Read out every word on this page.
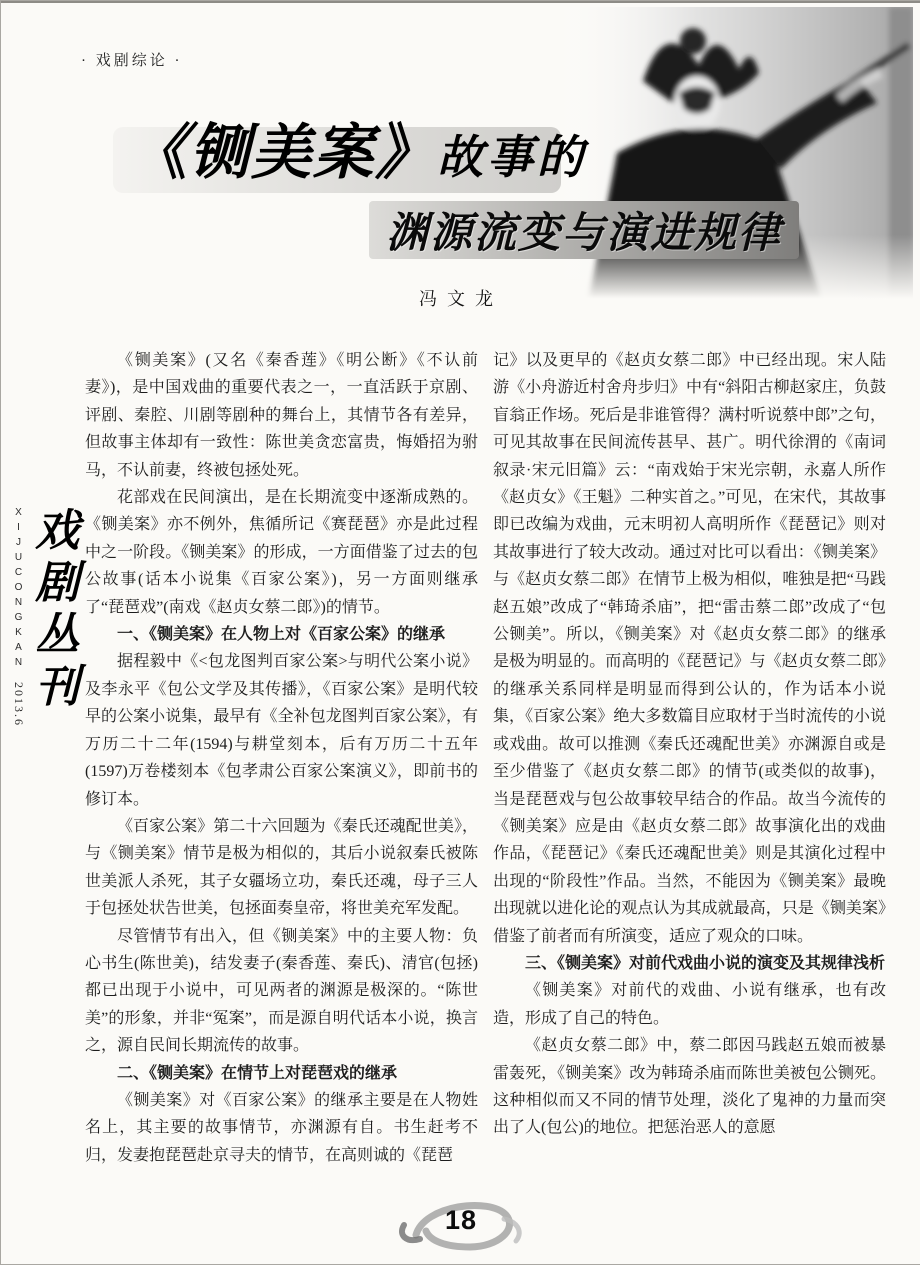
· 戏剧综论 ·
《铡美案》故事的
渊源流变与演进规律
冯文龙
XIJUCONGKAN
2013.6 戏剧丛刊

《铡美案》(又名《秦香莲》《明公断》《不认前妻》)，是中国戏曲的重要代表之一，一直活跃于京剧、评剧、秦腔、川剧等剧种的舞台上，其情节各有差异，但故事主体却有一致性：陈世美贪恋富贵，悔婚招为驸马，不认前妻，终被包拯处死。

花部戏在民间演出，是在长期流变中逐渐成熟的。《铡美案》亦不例外，焦循所记《赛琵琶》亦是此过程中之一阶段。《铡美案》的形成，一方面借鉴了过去的包公故事(话本小说集《百家公案》)，另一方面则继承了“琵琶戏”(南戏《赵贞女蔡二郎》)的情节。

一、《铡美案》在人物上对《百家公案》的继承

据程毅中《<包龙图判百家公案>与明代公案小说》及李永平《包公文学及其传播》，《百家公案》是明代较早的公案小说集，最早有《全补包龙图判百家公案》，有万历二十二年(1594)与耕堂刻本，后有万历二十五年(1597)万卷楼刻本《包孝肃公百家公案演义》，即前书的修订本。

《百家公案》第二十六回题为《秦氏还魂配世美》，与《铡美案》情节是极为相似的，其后小说叙秦氏被陈世美派人杀死，其子女疆场立功，秦氏还魂，母子三人于包拯处状告世美，包拯面奏皇帝，将世美充军发配。

尽管情节有出入，但《铡美案》中的主要人物：负心书生(陈世美)，结发妻子(秦香莲、秦氏)、清官(包拯)都已出现于小说中，可见两者的渊源是极深的。“陈世美”的形象，并非“冤案”，而是源自明代话本小说，换言之，源自民间长期流传的故事。

二、《铡美案》在情节上对琵琶戏的继承

《铡美案》对《百家公案》的继承主要是在人物姓名上，其主要的故事情节，亦渊源有自。书生赶考不归，发妻抱琵琶赴京寻夫的情节，在高则诚的《琵琶

记》以及更早的《赵贞女蔡二郎》中已经出现。宋人陆游《小舟游近村舍舟步归》中有“斜阳古柳赵家庄，负鼓盲翁正作场。死后是非谁管得？满村听说蔡中郎”之句，可见其故事在民间流传甚早、甚广。明代徐渭的《南词叙录·宋元旧篇》云：“南戏始于宋光宗朝，永嘉人所作《赵贞女》《王魁》二种实首之。”可见，在宋代，其故事即已改编为戏曲，元末明初人高明所作《琵琶记》则对其故事进行了较大改动。通过对比可以看出：《铡美案》与《赵贞女蔡二郎》在情节上极为相似，唯独是把“马践赵五娘”改成了“韩琦杀庙”，把“雷击蔡二郎”改成了“包公铡美”。所以，《铡美案》对《赵贞女蔡二郎》的继承是极为明显的。而高明的《琵琶记》与《赵贞女蔡二郎》的继承关系同样是明显而得到公认的，作为话本小说集，《百家公案》绝大多数篇目应取材于当时流传的小说或戏曲。故可以推测《秦氏还魂配世美》亦渊源自或是至少借鉴了《赵贞女蔡二郎》的情节(或类似的故事)，当是琵琶戏与包公故事较早结合的作品。故当今流传的《铡美案》应是由《赵贞女蔡二郎》故事演化出的戏曲作品，《琵琶记》《秦氏还魂配世美》则是其演化过程中出现的“阶段性”作品。当然，不能因为《铡美案》最晚出现就以进化论的观点认为其成就最高，只是《铡美案》借鉴了前者而有所演变，适应了观众的口味。

三、《铡美案》对前代戏曲小说的演变及其规律浅析

《铡美案》对前代的戏曲、小说有继承，也有改造，形成了自己的特色。

《赵贞女蔡二郎》中，蔡二郎因马践赵五娘而被暴雷轰死，《铡美案》改为韩琦杀庙而陈世美被包公铡死。这种相似而又不同的情节处理，淡化了鬼神的力量而突出了人(包公)的地位。把惩治恶人的意愿

18
